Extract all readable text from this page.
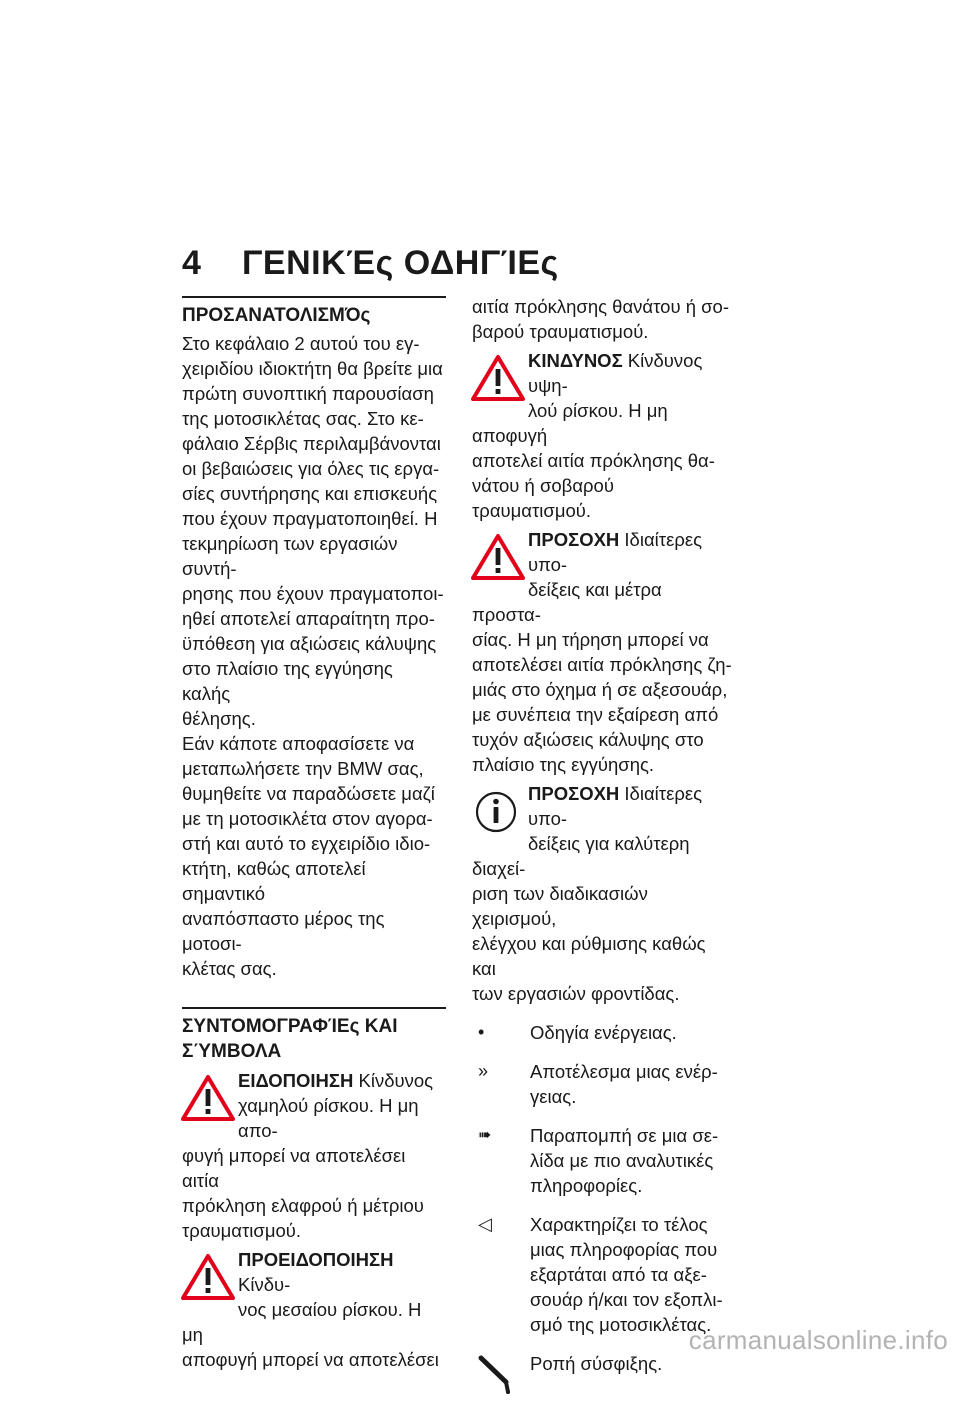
4 ΓΕΝΙΚΈς ΟΔΗΓΊΕς
ΠΡΟΣΑΝΑΤΟΛΙΣΜΌς
Στο κεφάλαιο 2 αυτού του εγ-
χειριδίου ιδιοκτήτη θα βρείτε μια
πρώτη συνοπτική παρουσίαση
της μοτοσικλέτας σας. Στο κε-
φάλαιο Σέρβις περιλαμβάνονται
οι βεβαιώσεις για όλες τις εργα-
σίες συντήρησης και επισκευής
που έχουν πραγματοποιηθεί. Η
τεκμηρίωση των εργασιών συντή-
ρησης που έχουν πραγματοποι-
ηθεί αποτελεί απαραίτητη προ-
ϋπόθεση για αξιώσεις κάλυψης
στο πλαίσιο της εγγύησης καλής
θέλησης.
Εάν κάποτε αποφασίσετε να
μεταπωλήσετε την BMW σας,
θυμηθείτε να παραδώσετε μαζί
με τη μοτοσικλέτα στον αγορα-
στή και αυτό το εγχειρίδιο ιδιο-
κτήτη, καθώς αποτελεί σημαντικό
αναπόσπαστο μέρος της μοτοσι-
κλέτας σας.
ΣΥΝΤΟΜΟΓΡΑΦΊΕς ΚΑΙ
ΣΎΜΒΟΛΑ
ΕΙΔΟΠΟΙΗΣΗ Κίνδυνος
χαμηλού ρίσκου. Η μη απο-
φυγή μπορεί να αποτελέσει αιτία
πρόκληση ελαφρού ή μέτριου
τραυματισμού.
ΠΡΟΕΙΔΟΠΟΙΗΣΗ Κίνδυ-
νος μεσαίου ρίσκου. Η μη
αποφυγή μπορεί να αποτελέσει
αιτία πρόκλησης θανάτου ή σο-
βαρού τραυματισμού.
ΚΙΝΔΥΝΟΣ Κίνδυνος υψη-
λού ρίσκου. Η μη αποφυγή
αποτελεί αιτία πρόκλησης θα-
νάτου ή σοβαρού τραυματισμού.
ΠΡΟΣΟΧΗ Ιδιαίτερες υπο-
δείξεις και μέτρα προστα-
σίας. Η μη τήρηση μπορεί να
αποτελέσει αιτία πρόκλησης ζη-
μιάς στο όχημα ή σε αξεσουάρ,
με συνέπεια την εξαίρεση από
τυχόν αξιώσεις κάλυψης στο
πλαίσιο της εγγύησης.
ΠΡΟΣΟΧΗ Ιδιαίτερες υπο-
δείξεις για καλύτερη διαχεί-
ριση των διαδικασιών χειρισμού,
ελέγχου και ρύθμισης καθώς και
των εργασιών φροντίδας.
•	Οδηγία ενέργειας.
»	Αποτέλεσμα μιας ενέρ-
γειας.
➠	Παραπομπή σε μια σε-
λίδα με πιο αναλυτικές
πληροφορίες.
◁	Χαρακτηρίζει το τέλος
μιας πληροφορίας που
εξαρτάται από τα αξε-
σουάρ ή/και τον εξοπλι-
σμό της μοτοσικλέτας.
Ροπή σύσφιξης.
carmanualsonline.info
